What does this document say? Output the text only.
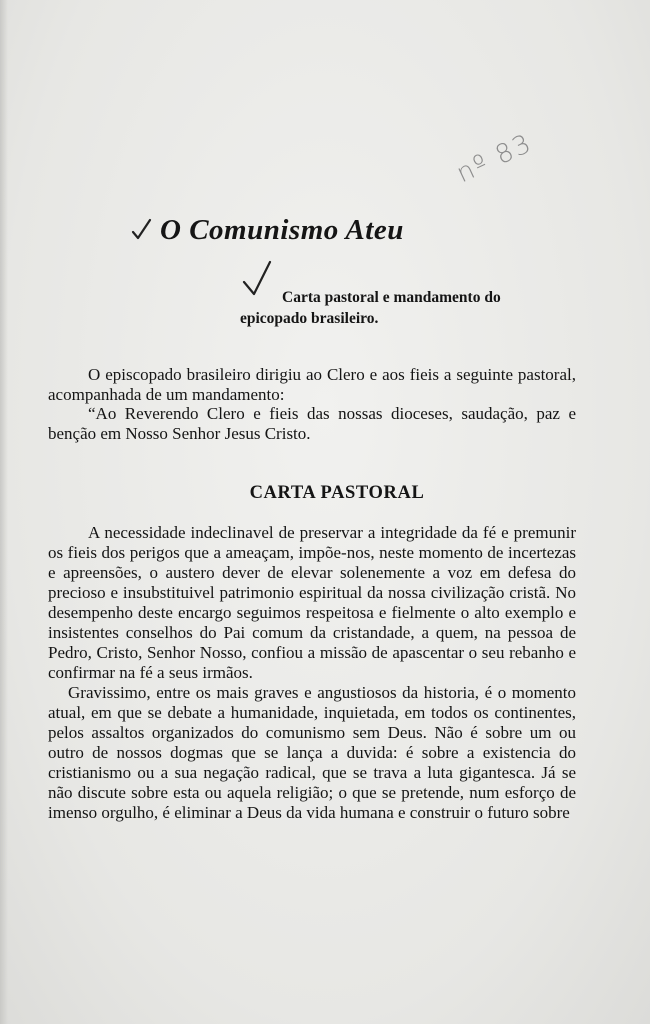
nº 83
O Comunismo Ateu
Carta pastoral e mandamento do
epicopado brasileiro.

O episcopado brasileiro dirigiu ao Clero e aos fieis a seguinte pastoral, acompanhada de um mandamento:

“Ao Reverendo Clero e fieis das nossas dioceses, saudação, paz e benção em Nosso Senhor Jesus Cristo.

CARTA PASTORAL

A necessidade indeclinavel de preservar a integridade da fé e premunir os fieis dos perigos que a ameaçam, impõe-nos, neste momento de incertezas e apreensões, o austero dever de elevar solenemente a voz em defesa do precioso e insubstituivel patrimonio espiritual da nossa civilização cristã. No desempenho deste encargo seguimos respeitosa e fielmente o alto exemplo e insistentes conselhos do Pai comum da cristandade, a quem, na pessoa de Pedro, Cristo, Senhor Nosso, confiou a missão de apascentar o seu rebanho e confirmar na fé a seus irmãos.

Gravissimo, entre os mais graves e angustiosos da historia, é o momento atual, em que se debate a humanidade, inquietada, em todos os continentes, pelos assaltos organizados do comunismo sem Deus. Não é sobre um ou outro de nossos dogmas que se lança a duvida: é sobre a existencia do cristianismo ou a sua negação radical, que se trava a luta gigantesca. Já se não discute sobre esta ou aquela religião; o que se pretende, num esforço de imenso orgulho, é eliminar a Deus da vida humana e construir o futuro sobre
